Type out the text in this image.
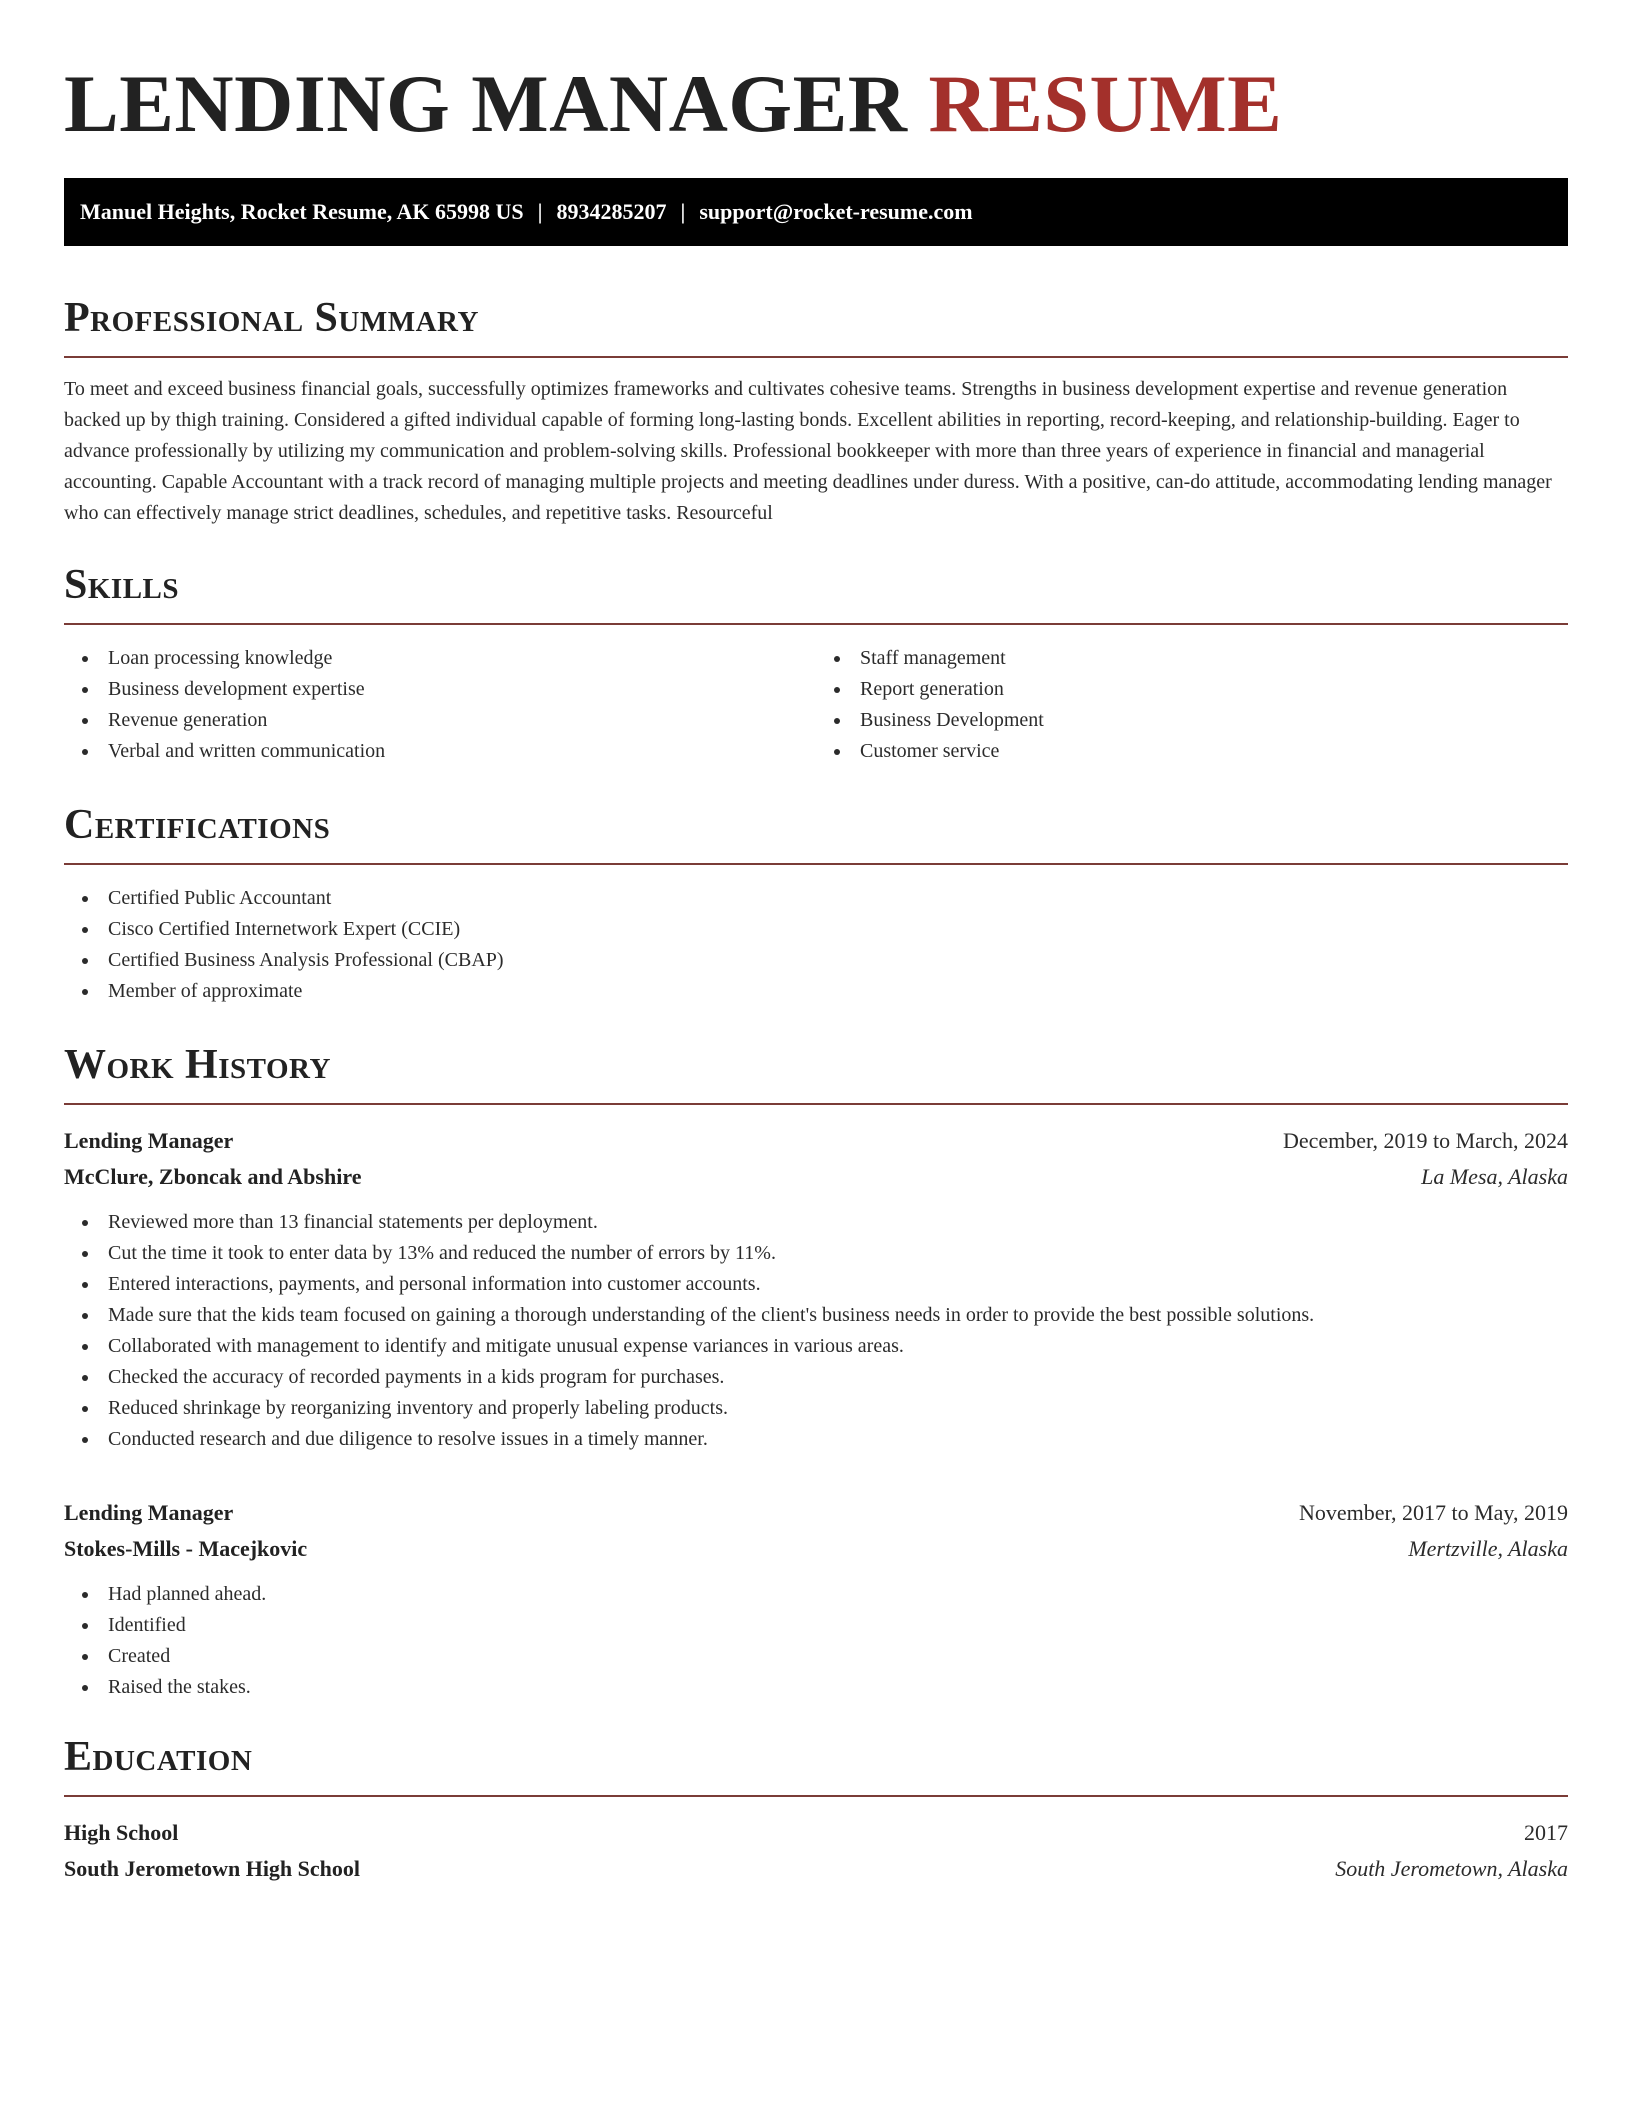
LENDING MANAGER RESUME
Manuel Heights, Rocket Resume, AK 65998 US | 8934285207 | support@rocket-resume.com
Professional Summary

To meet and exceed business financial goals, successfully optimizes frameworks and cultivates cohesive teams. Strengths in business development expertise and revenue generation backed up by thigh training. Considered a gifted individual capable of forming long-lasting bonds. Excellent abilities in reporting, record-keeping, and relationship-building. Eager to advance professionally by utilizing my communication and problem-solving skills. Professional bookkeeper with more than three years of experience in financial and managerial accounting. Capable Accountant with a track record of managing multiple projects and meeting deadlines under duress. With a positive, can-do attitude, accommodating lending manager who can effectively manage strict deadlines, schedules, and repetitive tasks. Resourceful

Skills
Loan processing knowledge
Business development expertise
Revenue generation
Verbal and written communication
Staff management
Report generation
Business Development
Customer service
Certifications
Certified Public Accountant
Cisco Certified Internetwork Expert (CCIE)
Certified Business Analysis Professional (CBAP)
Member of approximate
Work History
Lending Manager	December, 2019 to March, 2024
McClure, Zboncak and Abshire	La Mesa, Alaska
Reviewed more than 13 financial statements per deployment.
Cut the time it took to enter data by 13% and reduced the number of errors by 11%.
Entered interactions, payments, and personal information into customer accounts.
Made sure that the kids team focused on gaining a thorough understanding of the client's business needs in order to provide the best possible solutions.
Collaborated with management to identify and mitigate unusual expense variances in various areas.
Checked the accuracy of recorded payments in a kids program for purchases.
Reduced shrinkage by reorganizing inventory and properly labeling products.
Conducted research and due diligence to resolve issues in a timely manner.
Lending Manager	November, 2017 to May, 2019
Stokes-Mills - Macejkovic	Mertzville, Alaska
Had planned ahead.
Identified
Created
Raised the stakes.
Education
High School	2017
South Jerometown High School	South Jerometown, Alaska
